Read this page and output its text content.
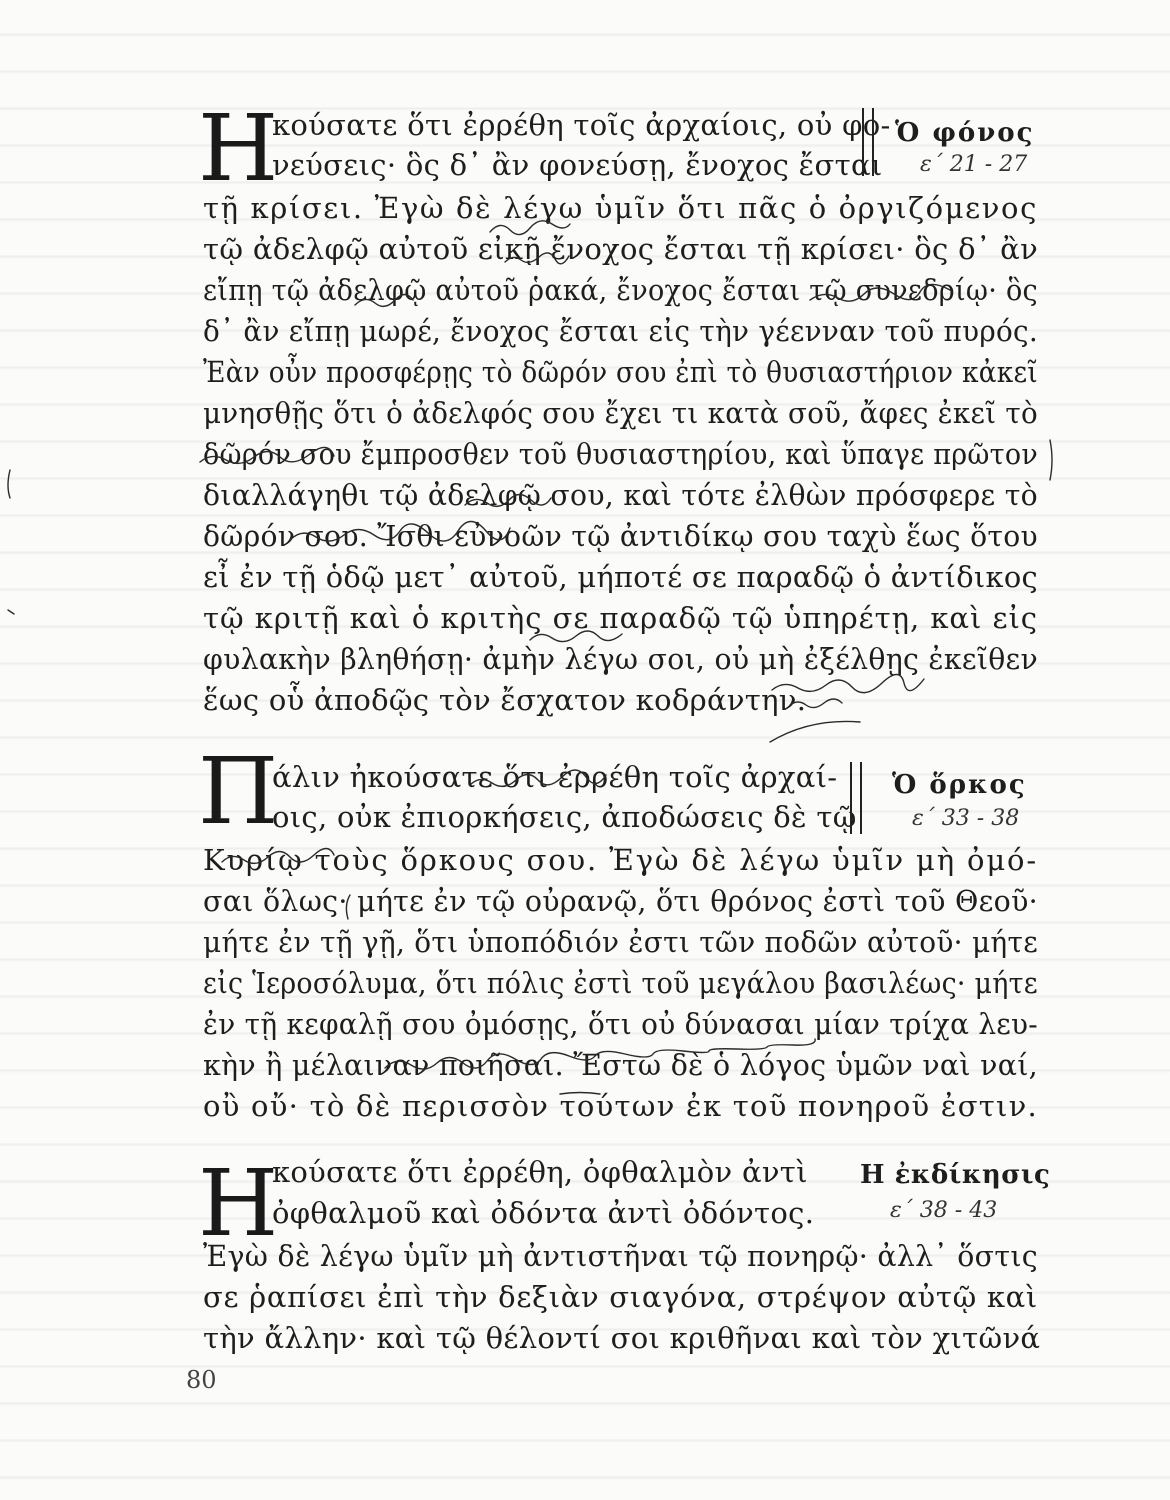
H
κούσατε ὅτι ἐρρέθη τοῖς ἀρχαίοις, οὐ φο-
νεύσεις· ὃς δ᾽ ἂν φονεύσῃ, ἔνοχος ἔσται
τῇ κρίσει. Ἐγὼ δὲ λέγω ὑμῖν ὅτι πᾶς ὁ ὀργιζόμενος
τῷ ἀδελφῷ αὐτοῦ εἰκῇ ἔνοχος ἔσται τῇ κρίσει· ὃς δ᾽ ἂν
εἴπῃ τῷ ἀδελφῷ αὐτοῦ ῥακά, ἔνοχος ἔσται τῷ συνεδρίῳ· ὃς
δ᾽ ἂν εἴπῃ μωρέ, ἔνοχος ἔσται εἰς τὴν γέενναν τοῦ πυρός.
Ἐὰν οὖν προσφέρῃς τὸ δῶρόν σου ἐπὶ τὸ θυσιαστήριον κἀκεῖ
μνησθῇς ὅτι ὁ ἀδελφός σου ἔχει τι κατὰ σοῦ, ἄφες ἐκεῖ τὸ
δῶρόν σου ἔμπροσθεν τοῦ θυσιαστηρίου, καὶ ὕπαγε πρῶτον
διαλλάγηθι τῷ ἀδελφῷ σου, καὶ τότε ἐλθὼν πρόσφερε τὸ
δῶρόν σου. Ἴσθι εὐνοῶν τῷ ἀντιδίκῳ σου ταχὺ ἕως ὅτου
εἶ ἐν τῇ ὁδῷ μετ᾽ αὐτοῦ, μήποτέ σε παραδῷ ὁ ἀντίδικος
τῷ κριτῇ καὶ ὁ κριτὴς σε παραδῷ τῷ ὑπηρέτῃ, καὶ εἰς
φυλακὴν βληθήσῃ· ἀμὴν λέγω σοι, οὐ μὴ ἐξέλθῃς ἐκεῖθεν
ἕως οὗ ἀποδῷς τὸν ἔσχατον κοδράντην.
Ὁ φόνος
ε´ 21 - 27
Π
άλιν ἠκούσατε ὅτι ἐρρέθη τοῖς ἀρχαί-
οις, οὐκ ἐπιορκήσεις, ἀποδώσεις δὲ τῷ
Κυρίῳ τοὺς ὅρκους σου. Ἐγὼ δὲ λέγω ὑμῖν μὴ ὀμό-
σαι ὅλως· μήτε ἐν τῷ οὐρανῷ, ὅτι θρόνος ἐστὶ τοῦ Θεοῦ·
μήτε ἐν τῇ γῇ, ὅτι ὑποπόδιόν ἐστι τῶν ποδῶν αὐτοῦ· μήτε
εἰς Ἱεροσόλυμα, ὅτι πόλις ἐστὶ τοῦ μεγάλου βασιλέως· μήτε
ἐν τῇ κεφαλῇ σου ὀμόσῃς, ὅτι οὐ δύνασαι μίαν τρίχα λευ-
κὴν ἢ μέλαιναν ποιῆσαι. Ἔστω δὲ ὁ λόγος ὑμῶν ναὶ ναί,
οὒ οὔ· τὸ δὲ περισσὸν τούτων ἐκ τοῦ πονηροῦ ἐστιν.
Ὁ ὅρκος
ε´ 33 - 38
H
κούσατε ὅτι ἐρρέθη, ὀφθαλμὸν ἀντὶ
ὀφθαλμοῦ καὶ ὀδόντα ἀντὶ ὀδόντος.
Ἐγὼ δὲ λέγω ὑμῖν μὴ ἀντιστῆναι τῷ πονηρῷ· ἀλλ᾽ ὅστις
σε ῥαπίσει ἐπὶ τὴν δεξιὰν σιαγόνα, στρέψον αὐτῷ καὶ
τὴν ἄλλην· καὶ τῷ θέλοντί σοι κριθῆναι καὶ τὸν χιτῶνά
Η ἐκδίκησις
ε´ 38 - 43
80
